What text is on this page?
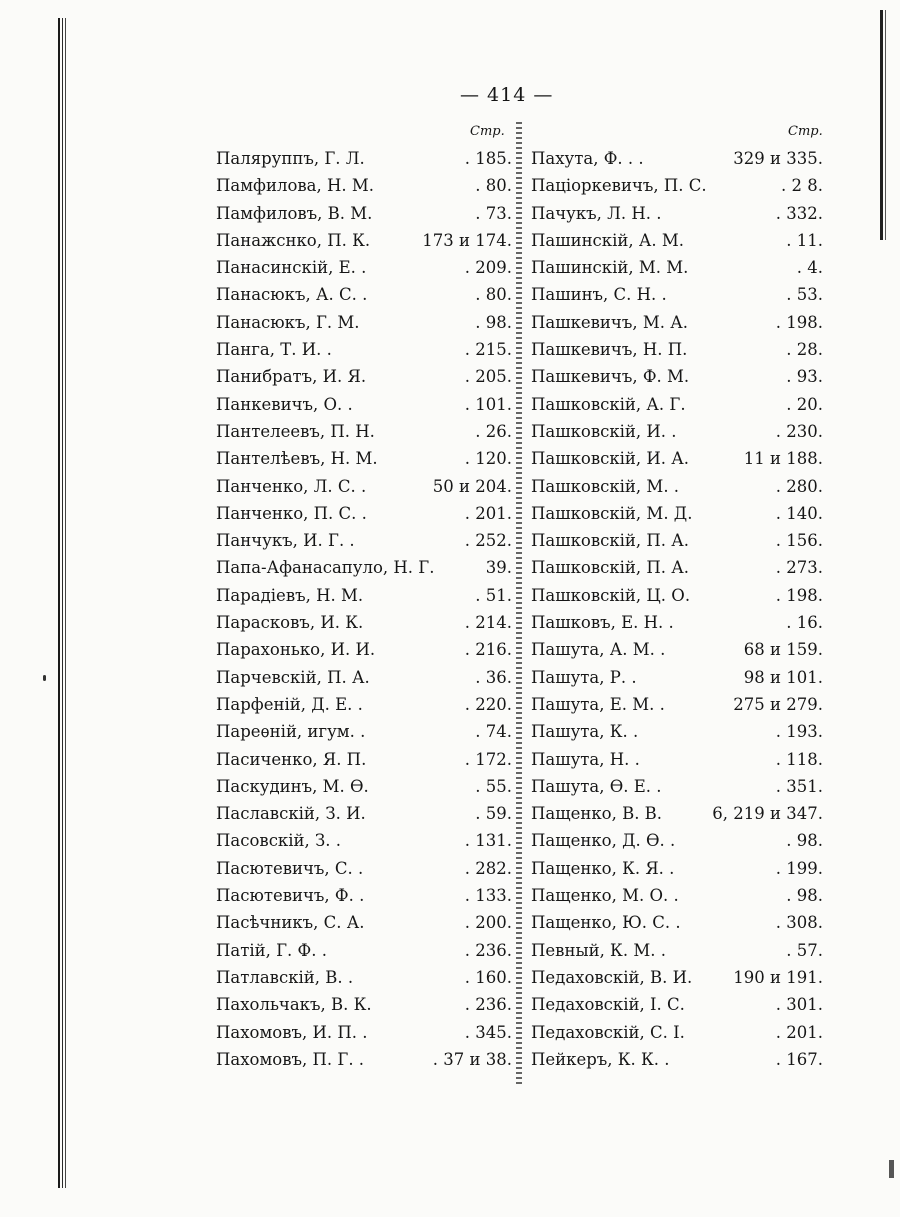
— 414 —
Стр.	Стр.
Паляруппъ, Г. Л.	. 185.
Памфилова, Н. М.	. 80.
Памфиловъ, В. М.	. 73.
Панажснко, П. К.	173 и 174.
Панасинскій, Е. .	. 209.
Панасюкъ, А. С. .	. 80.
Панасюкъ, Г. М.	. 98.
Панга, Т. И. .	. 215.
Панибратъ, И. Я.	. 205.
Панкевичъ, О. .	. 101.
Пантелеевъ, П. Н.	. 26.
Пантелѣевъ, Н. М.	. 120.
Панченко, Л. С. .	50 и 204.
Панченко, П. С. .	. 201.
Панчукъ, И. Г. .	. 252.
Папа-Афанасапуло, Н. Г.	39.
Парадіевъ, Н. М.	. 51.
Парасковъ, И. К.	. 214.
Парахонько, И. И.	. 216.
Парчевскій, П. А.	. 36.
Парфеній, Д. Е. .	. 220.
Пареѳній, игум. .	. 74.
Пасиченко, Я. П.	. 172.
Паскудинъ, М. Ѳ.	. 55.
Паславскій, З. И.	. 59.
Пасовскій, З. .	. 131.
Пасютевичъ, С. .	. 282.
Пасютевичъ, Ф. .	. 133.
Пасѣчникъ, С. А.	. 200.
Патій, Г. Ф. .	. 236.
Патлавскій, В. .	. 160.
Пахольчакъ, В. К.	. 236.
Пахомовъ, И. П. .	. 345.
Пахомовъ, П. Г. .	. 37 и 38.
Пахута, Ф. . .	329 и 335.
Паціоркевичъ, П. С.	. 2 8.
Пачукъ, Л. Н. .	. 332.
Пашинскій, А. М.	. 11.
Пашинскій, М. М.	. 4.
Пашинъ, С. Н. .	. 53.
Пашкевичъ, М. А.	. 198.
Пашкевичъ, Н. П.	. 28.
Пашкевичъ, Ф. М.	. 93.
Пашковскій, А. Г.	. 20.
Пашковскій, И. .	. 230.
Пашковскій, И. А.	11 и 188.
Пашковскій, М. .	. 280.
Пашковскій, М. Д.	. 140.
Пашковскій, П. А.	. 156.
Пашковскій, П. А.	. 273.
Пашковскій, Ц. О.	. 198.
Пашковъ, Е. Н. .	. 16.
Пашута, А. М. .	68 и 159.
Пашута, Р. .	98 и 101.
Пашута, Е. М. .	275 и 279.
Пашута, К. .	. 193.
Пашута, Н. .	. 118.
Пашута, Ѳ. Е. .	. 351.
Пащенко, В. В.	6, 219 и 347.
Пащенко, Д. Ѳ. .	. 98.
Пащенко, К. Я. .	. 199.
Пащенко, М. О. .	. 98.
Пащенко, Ю. С. .	. 308.
Певный, К. М. .	. 57.
Педаховскій, В. И. 190 и 191.
Педаховскій, І. С.	. 301.
Педаховскій, С. І.	. 201.
Пейкеръ, К. К. .	. 167.
